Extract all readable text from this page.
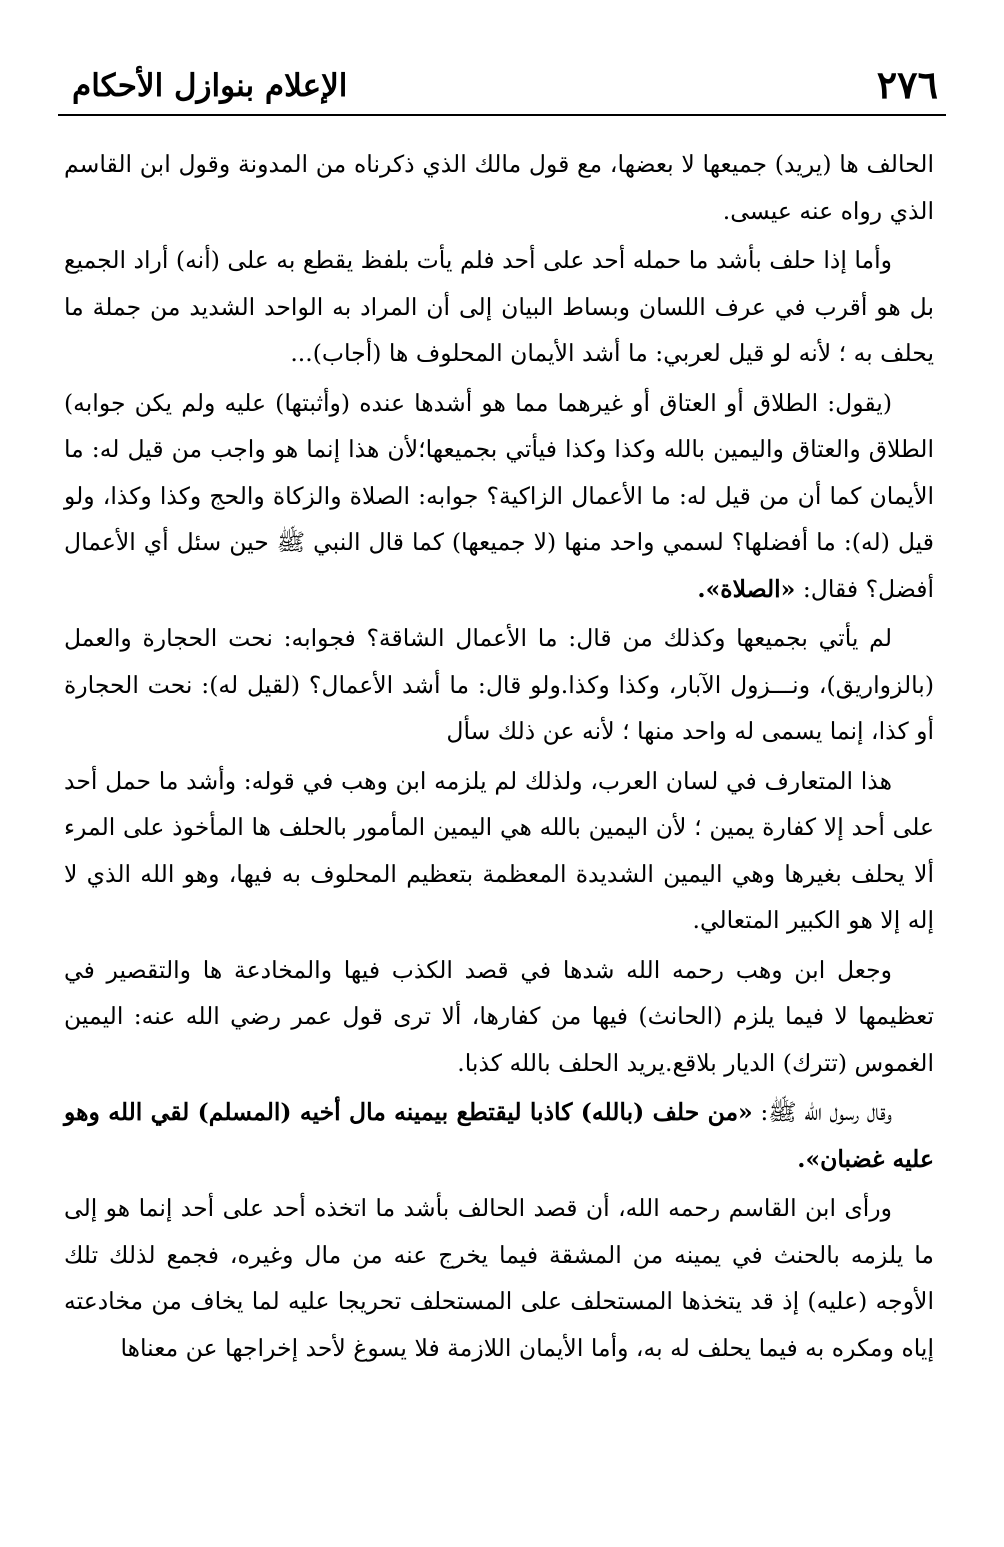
٢٧٦
الإعلام بنوازل الأحكام

الحالف ها (يريد) جميعها لا بعضها، مع قول مالك الذي ذكرناه من المدونة وقول ابن القاسم الذي رواه عنه عيسى.

وأما إذا حلف بأشد ما حمله أحد على أحد فلم يأت بلفظ يقطع به على (أنه) أراد الجميع بل هو أقرب في عرف اللسان وبساط البيان إلى أن المراد به الواحد الشديد من جملة ما يحلف به ؛ لأنه لو قيل لعربي: ما أشد الأيمان المحلوف ها (أجاب)...

(يقول: الطلاق أو العتاق أو غيرهما مما هو أشدها عنده (وأثبتها) عليه ولم يكن جوابه) الطلاق والعتاق واليمين بالله وكذا وكذا فيأتي بجميعها؛لأن هذا إنما هو واجب من قيل له: ما الأيمان كما أن من قيل له: ما الأعمال الزاكية؟ جوابه: الصلاة والزكاة والحج وكذا وكذا، ولو قيل (له): ما أفضلها؟ لسمي واحد منها (لا جميعها) كما قال النبي ﷺ حين سئل أي الأعمال أفضل؟ فقال: «الصلاة».

لم يأتي بجميعها وكذلك من قال: ما الأعمال الشاقة؟ فجوابه: نحت الحجارة والعمل (بالزواريق)، ونـــزول الآبار، وكذا وكذا.ولو قال: ما أشد الأعمال؟ (لقيل له): نحت الحجارة أو كذا، إنما يسمى له واحد منها ؛ لأنه عن ذلك سأل

هذا المتعارف في لسان العرب، ولذلك لم يلزمه ابن وهب في قوله: وأشد ما حمل أحد على أحد إلا كفارة يمين ؛ لأن اليمين بالله هي اليمين المأمور بالحلف ها المأخوذ على المرء ألا يحلف بغيرها وهي اليمين الشديدة المعظمة بتعظيم المحلوف به فيها، وهو الله الذي لا إله إلا هو الكبير المتعالي.

وجعل ابن وهب رحمه الله شدها في قصد الكذب فيها والمخادعة ها والتقصير في تعظيمها لا فيما يلزم (الحانث) فيها من كفارها، ألا ترى قول عمر رضي الله عنه: اليمين الغموس (تترك) الديار بلاقع.يريد الحلف بالله كذبا.

وقال رسول الله ﷺ: «من حلف (بالله) كاذبا ليقتطع بيمينه مال أخيه (المسلم) لقي الله وهو عليه غضبان».

ورأى ابن القاسم رحمه الله، أن قصد الحالف بأشد ما اتخذه أحد على أحد إنما هو إلى ما يلزمه بالحنث في يمينه من المشقة فيما يخرج عنه من مال وغيره، فجمع لذلك تلك الأوجه (عليه) إذ قد يتخذها المستحلف على المستحلف تحريجا عليه لما يخاف من مخادعته إياه ومكره به فيما يحلف له به، وأما الأيمان اللازمة فلا يسوغ لأحد إخراجها عن معناها
